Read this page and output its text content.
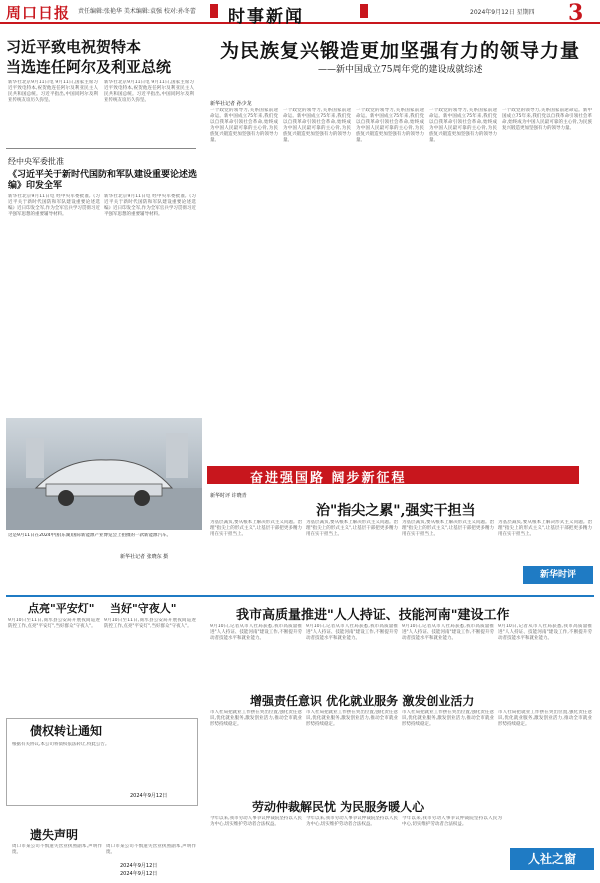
周口日报 责任编辑:张艳华 美术编辑:袁强 校对:孙冬蕾 时事新闻	2024年9月12日 星期四 3
习近平致电祝贺特本
当选连任阿尔及利亚总统
新华社北京9月11日电 9月11日,国家主席习近平致电特本,祝贺他连任阿尔及利亚民主人民共和国总统。习近平指出,中国同阿尔及利亚传统友谊历久弥坚。
新华社北京9月11日电 9月11日,国家主席习近平致电特本,祝贺他连任阿尔及利亚民主人民共和国总统。习近平指出,中国同阿尔及利亚传统友谊历久弥坚。
经中央军委批准
《习近平关于新时代国防和军队建设重要论述选编》印发全军
新华社北京9月11日电 经中央军委批准,《习近平关于新时代国防和军队建设重要论述选编》近日印发全军,作为全军官兵学习贯彻习近平强军思想的重要辅导材料。
新华社北京9月11日电 经中央军委批准,《习近平关于新时代国防和军队建设重要论述选编》近日印发全军,作为全军官兵学习贯彻习近平强军思想的重要辅导材料。
这是9月11日在2024中国(东湖)国际新能源产业博览会上拍摄的一款新能源汽车。
新华社记者 张晓东 摄
为民族复兴锻造更加坚强有力的领导力量
——新中国成立75周年党的建设成就综述
新华社记者 孙少龙
一个政党的领导力,关系国家前途命运。新中国成立75年来,我们党以自我革命引领社会革命,始终成为中国人民最可靠的主心骨,为民族复兴锻造更加坚强有力的领导力量。
一个政党的领导力,关系国家前途命运。新中国成立75年来,我们党以自我革命引领社会革命,始终成为中国人民最可靠的主心骨,为民族复兴锻造更加坚强有力的领导力量。
一个政党的领导力,关系国家前途命运。新中国成立75年来,我们党以自我革命引领社会革命,始终成为中国人民最可靠的主心骨,为民族复兴锻造更加坚强有力的领导力量。
一个政党的领导力,关系国家前途命运。新中国成立75年来,我们党以自我革命引领社会革命,始终成为中国人民最可靠的主心骨,为民族复兴锻造更加坚强有力的领导力量。
一个政党的领导力,关系国家前途命运。新中国成立75年来,我们党以自我革命引领社会革命,始终成为中国人民最可靠的主心骨,为民族复兴锻造更加坚强有力的领导力量。
奋进强国路 阔步新征程
新华时评 许晓青
治"指尖之累",强实干担当
为基层减负,要从根本上解决形式主义问题。治理"指尖上的形式主义",让基层干部把更多精力用在实干担当上。
为基层减负,要从根本上解决形式主义问题。治理"指尖上的形式主义",让基层干部把更多精力用在实干担当上。
为基层减负,要从根本上解决形式主义问题。治理"指尖上的形式主义",让基层干部把更多精力用在实干担当上。
为基层减负,要从根本上解决形式主义问题。治理"指尖上的形式主义",让基层干部把更多精力用在实干担当上。
新华时评
点亮"平安灯" 当好"守夜人"
9月10日至11日,商水县公安局开展夜间巡逻防控工作,点亮"平安灯",当好群众"守夜人"。
9月10日至11日,商水县公安局开展夜间巡逻防控工作,点亮"平安灯",当好群众"守夜人"。
债权转让通知
根据有关协议,本公司将债权依法转让,特此公告。
2024年9月12日
遗失声明
周口市某公司不慎遗失营业执照副本,声明作废。
周口市某公司不慎遗失营业执照副本,声明作废。
2024年9月12日
2024年9月12日
我市高质量推进"人人持证、技能河南"建设工作
9月10日,记者从市人社局获悉,我市高质量推进"人人持证、技能河南"建设工作,不断提升劳动者技能水平和就业能力。
9月10日,记者从市人社局获悉,我市高质量推进"人人持证、技能河南"建设工作,不断提升劳动者技能水平和就业能力。
9月10日,记者从市人社局获悉,我市高质量推进"人人持证、技能河南"建设工作,不断提升劳动者技能水平和就业能力。
9月10日,记者从市人社局获悉,我市高质量推进"人人持证、技能河南"建设工作,不断提升劳动者技能水平和就业能力。
增强责任意识 优化就业服务 激发创业活力
市人社局把就业工作摆在突出位置,强化责任意识,优化就业服务,激发创业活力,推动全市就业形势持续稳定。
市人社局把就业工作摆在突出位置,强化责任意识,优化就业服务,激发创业活力,推动全市就业形势持续稳定。
市人社局把就业工作摆在突出位置,强化责任意识,优化就业服务,激发创业活力,推动全市就业形势持续稳定。
市人社局把就业工作摆在突出位置,强化责任意识,优化就业服务,激发创业活力,推动全市就业形势持续稳定。
劳动仲裁解民忧 为民服务暖人心
今年以来,我市劳动人事争议仲裁院坚持以人民为中心,切实维护劳动者合法权益。
今年以来,我市劳动人事争议仲裁院坚持以人民为中心,切实维护劳动者合法权益。
今年以来,我市劳动人事争议仲裁院坚持以人民为中心,切实维护劳动者合法权益。
人社之窗
